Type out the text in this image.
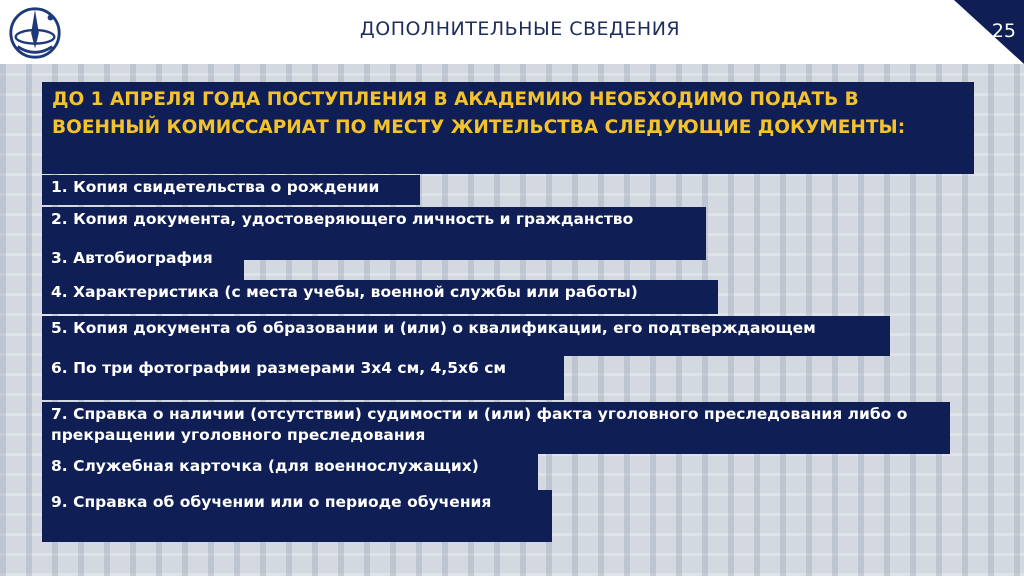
ДОПОЛНИТЕЛЬНЫЕ СВЕДЕНИЯ	25
ДО 1 АПРЕЛЯ ГОДА ПОСТУПЛЕНИЯ В АКАДЕМИЮ НЕОБХОДИМО ПОДАТЬ В ВОЕННЫЙ КОМИССАРИАТ ПО МЕСТУ ЖИТЕЛЬСТВА СЛЕДУЮЩИЕ ДОКУМЕНТЫ:
1. Копия свидетельства о рождении
2. Копия документа, удостоверяющего личность и гражданство
3. Автобиография
4. Характеристика (с места учебы, военной службы или работы)
5. Копия документа об образовании и (или) о квалификации, его подтверждающем
6. По три фотографии размерами 3х4 см, 4,5х6 см
7. Справка о наличии (отсутствии) судимости и (или) факта уголовного преследования либо о прекращении уголовного преследования
8. Служебная карточка (для военнослужащих)
9. Справка об обучении или о периоде обучения
